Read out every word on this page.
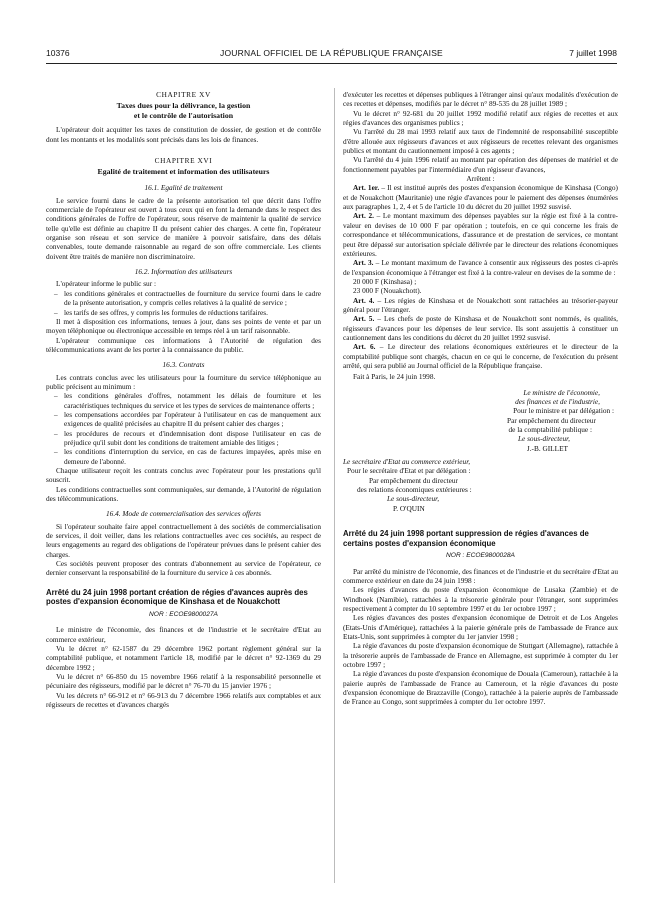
10376	JOURNAL OFFICIEL DE LA RÉPUBLIQUE FRANÇAISE	7 juillet 1998
CHAPITRE XV
Taxes dues pour la délivrance, la gestion
et le contrôle de l'autorisation

L'opérateur doit acquitter les taxes de constitution de dossier, de gestion et de contrôle dont les montants et les modalités sont précisés dans les lois de finances.

CHAPITRE XVI
Egalité de traitement et information des utilisateurs
16.1. Egalité de traitement

Le service fourni dans le cadre de la présente autorisation tel que décrit dans l'offre commerciale de l'opérateur est ouvert à tous ceux qui en font la demande dans le respect des conditions générales de l'offre de l'opérateur, sous réserve de maintenir la qualité de service telle qu'elle est définie au chapitre II du présent cahier des charges. A cette fin, l'opérateur organise son réseau et son service de manière à pouvoir satisfaire, dans des délais convenables, toute demande raisonnable au regard de son offre commerciale. Les clients doivent être traités de manière non discriminatoire.

16.2. Information des utilisateurs

L'opérateur informe le public sur :

– les conditions générales et contractuelles de fourniture du service fourni dans le cadre de la présente autorisation, y compris celles relatives à la qualité de service ;

– les tarifs de ses offres, y compris les formules de réductions tarifaires.

Il met à disposition ces informations, tenues à jour, dans ses points de vente et par un moyen téléphonique ou électronique accessible en temps réel à un tarif raisonnable.

L'opérateur communique ces informations à l'Autorité de régulation des télécommunications avant de les porter à la connaissance du public.

16.3. Contrats

Les contrats conclus avec les utilisateurs pour la fourniture du service téléphonique au public précisent au minimum :

– les conditions générales d'offres, notamment les délais de fourniture et les caractéristiques techniques du service et les types de services de maintenance offerts ;

– les compensations accordées par l'opérateur à l'utilisateur en cas de manquement aux exigences de qualité précisées au chapitre II du présent cahier des charges ;

– les procédures de recours et d'indemnisation dont dispose l'utilisateur en cas de préjudice qu'il subit dont les conditions de traitement amiable des litiges ;

– les conditions d'interruption du service, en cas de factures impayées, après mise en demeure de l'abonné.

Chaque utilisateur reçoit les contrats conclus avec l'opérateur pour les prestations qu'il souscrit.

Les conditions contractuelles sont communiquées, sur demande, à l'Autorité de régulation des télécommunications.

16.4. Mode de commercialisation des services offerts

Si l'opérateur souhaite faire appel contractuellement à des sociétés de commercialisation de services, il doit veiller, dans les relations contractuelles avec ces sociétés, au respect de leurs engagements au regard des obligations de l'opérateur prévues dans le présent cahier des charges.

Ces sociétés peuvent proposer des contrats d'abonnement au service de l'opérateur, ce dernier conservant la responsabilité de la fourniture du service à ces abonnés.

Arrêté du 24 juin 1998 portant création de régies d'avances auprès des postes d'expansion économique de Kinshasa et de Nouakchott

NOR : ECOE9800027A

Le ministre de l'économie, des finances et de l'industrie et le secrétaire d'Etat au commerce extérieur,

Vu le décret n° 62-1587 du 29 décembre 1962 portant règlement général sur la comptabilité publique, et notamment l'article 18, modifié par le décret n° 92-1369 du 29 décembre 1992 ;

Vu le décret n° 66-850 du 15 novembre 1966 relatif à la responsabilité personnelle et pécuniaire des régisseurs, modifié par le décret n° 76-70 du 15 janvier 1976 ;

Vu les décrets n° 66-912 et n° 66-913 du 7 décembre 1966 relatifs aux comptables et aux régisseurs de recettes et d'avances chargés

d'exécuter les recettes et dépenses publiques à l'étranger ainsi qu'aux modalités d'exécution de ces recettes et dépenses, modifiés par le décret n° 89-535 du 28 juillet 1989 ;

Vu le décret n° 92-681 du 20 juillet 1992 modifié relatif aux régies de recettes et aux régies d'avances des organismes publics ;

Vu l'arrêté du 28 mai 1993 relatif aux taux de l'indemnité de responsabilité susceptible d'être allouée aux régisseurs d'avances et aux régisseurs de recettes relevant des organismes publics et montant du cautionnement imposé à ces agents ;

Vu l'arrêté du 4 juin 1996 relatif au montant par opération des dépenses de matériel et de fonctionnement payables par l'intermédiaire d'un régisseur d'avances,

Arrêtent :

Art. 1er. – Il est institué auprès des postes d'expansion économique de Kinshasa (Congo) et de Nouakchott (Mauritanie) une régie d'avances pour le paiement des dépenses énumérées aux paragraphes 1, 2, 4 et 5 de l'article 10 du décret du 20 juillet 1992 susvisé.

Art. 2. – Le montant maximum des dépenses payables sur la régie est fixé à la contre-valeur en devises de 10 000 F par opération ; toutefois, en ce qui concerne les frais de correspondance et télécommunications, d'assurance et de prestation de services, ce montant peut être dépassé sur autorisation spéciale délivrée par le directeur des relations économiques extérieures.

Art. 3. – Le montant maximum de l'avance à consentir aux régisseurs des postes ci-après de l'expansion économique à l'étranger est fixé à la contre-valeur en devises de la somme de :

20 000 F (Kinshasa) ;

23 000 F (Nouakchott).

Art. 4. – Les régies de Kinshasa et de Nouakchott sont rattachées au trésorier-payeur général pour l'étranger.

Art. 5. – Les chefs de poste de Kinshasa et de Nouakchott sont nommés, ès qualités, régisseurs d'avances pour les dépenses de leur service. Ils sont assujettis à constituer un cautionnement dans les conditions du décret du 20 juillet 1992 susvisé.

Art. 6. – Le directeur des relations économiques extérieures et le directeur de la comptabilité publique sont chargés, chacun en ce qui le concerne, de l'exécution du présent arrêté, qui sera publié au Journal officiel de la République française.

Fait à Paris, le 24 juin 1998.

Le ministre de l'économie,

des finances et de l'industrie,

Pour le ministre et par délégation :

Par empêchement du directeur

de la comptabilité publique :

Le sous-directeur,

J.-B. GILLET

Le secrétaire d'Etat au commerce extérieur,

Pour le secrétaire d'Etat et par délégation :

Par empêchement du directeur

des relations économiques extérieures :

Le sous-directeur,

P. O'QUIN

Arrêté du 24 juin 1998 portant suppression de régies d'avances de certains postes d'expansion économique

NOR : ECOE9800028A

Par arrêté du ministre de l'économie, des finances et de l'industrie et du secrétaire d'Etat au commerce extérieur en date du 24 juin 1998 :

Les régies d'avances du poste d'expansion économique de Lusaka (Zambie) et de Windhoek (Namibie), rattachées à la trésorerie générale pour l'étranger, sont supprimées respectivement à compter du 10 septembre 1997 et du 1er octobre 1997 ;

Les régies d'avances des postes d'expansion économique de Detroit et de Los Angeles (Etats-Unis d'Amérique), rattachées à la paierie générale près de l'ambassade de France aux Etats-Unis, sont supprimées à compter du 1er janvier 1998 ;

La régie d'avances du poste d'expansion économique de Stuttgart (Allemagne), rattachée à la trésorerie auprès de l'ambassade de France en Allemagne, est supprimée à compter du 1er octobre 1997 ;

La régie d'avances du poste d'expansion économique de Douala (Cameroun), rattachée à la paierie auprès de l'ambassade de France au Cameroun, et la régie d'avances du poste d'expansion économique de Brazzaville (Congo), rattachée à la paierie auprès de l'ambassade de France au Congo, sont supprimées à compter du 1er octobre 1997.
